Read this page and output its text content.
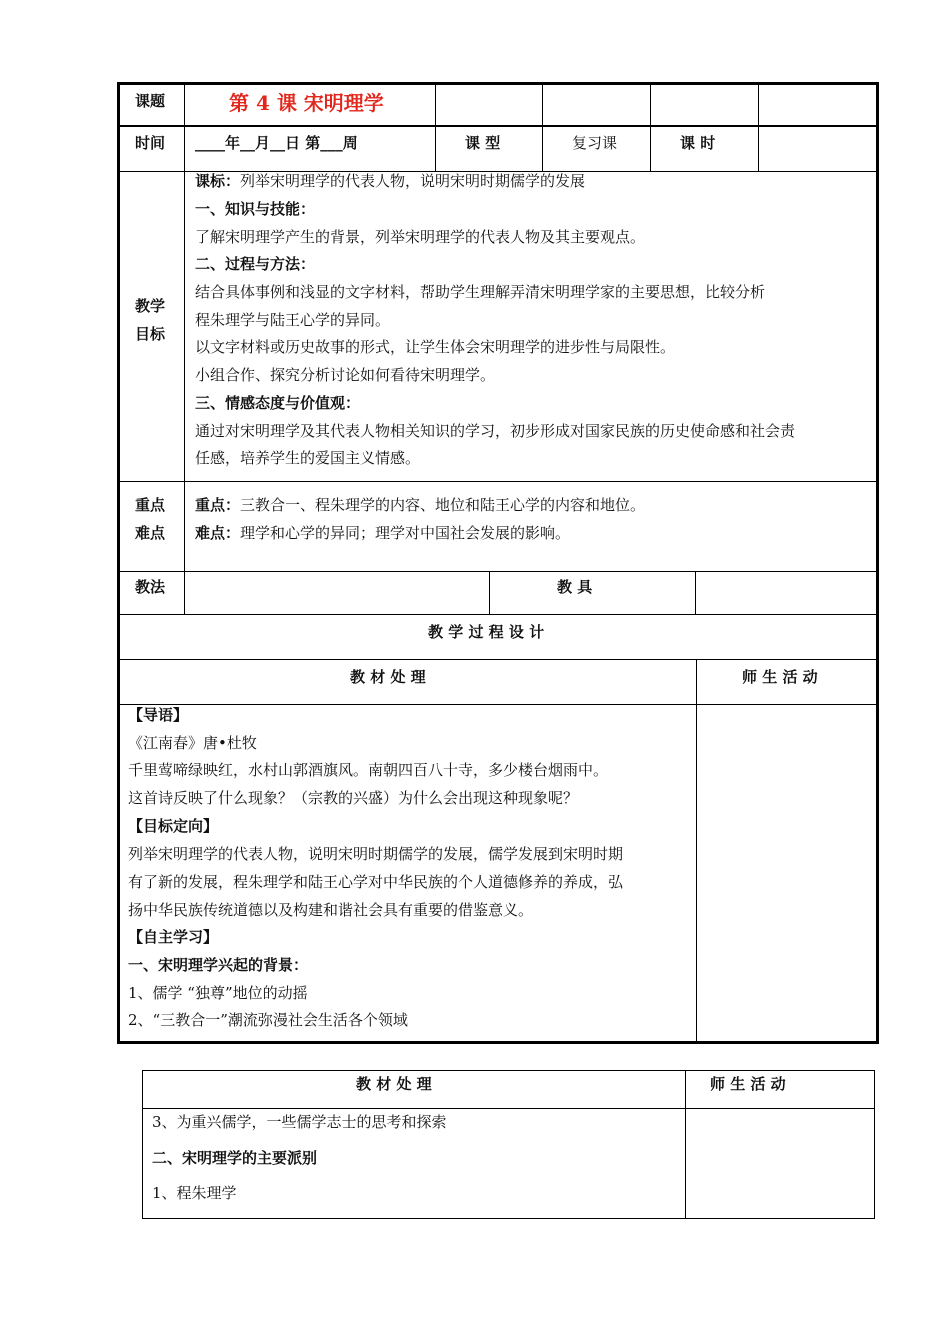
课题	第 4 课 宋明理学
时间 ____年__月__日 第___周	课 型	复习课	课 时
教学
目标
课标：列举宋明理学的代表人物，说明宋明时期儒学的发展
一、知识与技能：
了解宋明理学产生的背景，列举宋明理学的代表人物及其主要观点。
二、过程与方法：
结合具体事例和浅显的文字材料，帮助学生理解弄清宋明理学家的主要思想，比较分析
程朱理学与陆王心学的异同。
以文字材料或历史故事的形式，让学生体会宋明理学的进步性与局限性。
小组合作、探究分析讨论如何看待宋明理学。
三、情感态度与价值观：
通过对宋明理学及其代表人物相关知识的学习，初步形成对国家民族的历史使命感和社会责
任感，培养学生的爱国主义情感。
重点
难点
重点：三教合一、程朱理学的内容、地位和陆王心学的内容和地位。
难点：理学和心学的异同；理学对中国社会发展的影响。
教法	教 具
教 学 过 程 设 计
教 材 处 理	师 生 活 动
【导语】
《江南春》唐•杜牧
千里莺啼绿映红，水村山郭酒旗风。南朝四百八十寺，多少楼台烟雨中。
这首诗反映了什么现象？（宗教的兴盛）为什么会出现这种现象呢？
【目标定向】
列举宋明理学的代表人物，说明宋明时期儒学的发展，儒学发展到宋明时期
有了新的发展，程朱理学和陆王心学对中华民族的个人道德修养的养成，弘
扬中华民族传统道德以及构建和谐社会具有重要的借鉴意义。
【自主学习】
一、宋明理学兴起的背景：
1、儒学 “独尊”地位的动摇
2、“三教合一”潮流弥漫社会生活各个领域
教 材 处 理	师 生 活 动
3、为重兴儒学，一些儒学志士的思考和探索
二、宋明理学的主要派别
1、程朱理学
